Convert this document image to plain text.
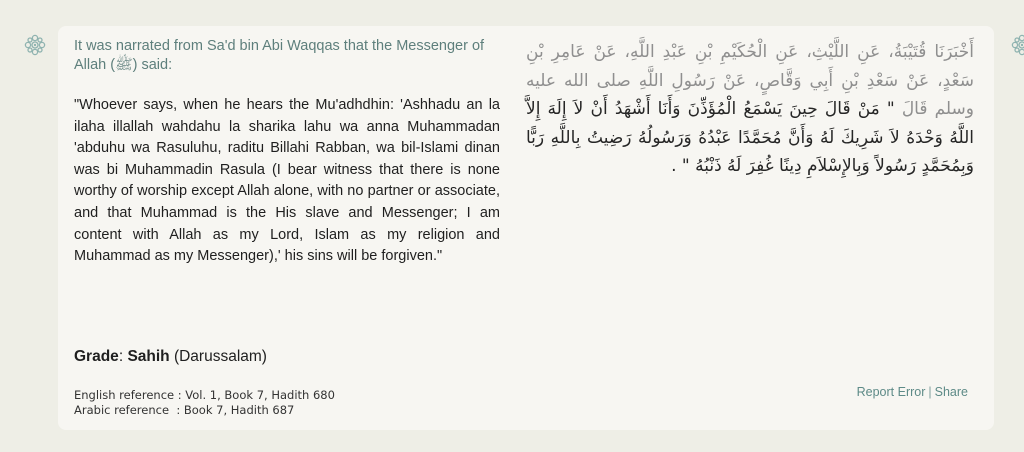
It was narrated from Sa'd bin Abi Waqqas that the Messenger of Allah (ﷺ) said:

"Whoever says, when he hears the Mu'adhdhin: 'Ashhadu an la ilaha illallah wahdahu la sharika lahu wa anna Muhammadan 'abduhu wa Rasuluhu, raditu Billahi Rabban, wa bil-Islami dinan was bi Muhammadin Rasula (I bear witness that there is none worthy of worship except Allah alone, with no partner or associate, and that Muhammad is the His slave and Messenger; I am content with Allah as my Lord, Islam as my religion and Muhammad as my Messenger),' his sins will be forgiven."

أَخْبَرَنَا قُتَيْبَةُ، عَنِ اللَّيْثِ، عَنِ الْحُكَيْمِ بْنِ عَبْدِ اللَّهِ، عَنْ عَامِرِ بْنِ سَعْدٍ، عَنْ سَعْدِ بْنِ أَبِي وَقَّاصٍ، عَنْ رَسُولِ اللَّهِ صلى الله عليه وسلم قَالَ " مَنْ قَالَ حِينَ يَسْمَعُ الْمُؤَذِّنَ وَأَنَا أَشْهَدُ أَنْ لاَ إِلَهَ إِلاَّ اللَّهُ وَحْدَهُ لاَ شَرِيكَ لَهُ وَأَنَّ مُحَمَّدًا عَبْدُهُ وَرَسُولُهُ رَضِيتُ بِاللَّهِ رَبًّا وَبِمُحَمَّدٍ رَسُولاً وَبِالإِسْلاَمِ دِينًا غُفِرَ لَهُ ذَنْبُهُ " .
Grade: Sahih (Darussalam)
English reference : Vol. 1, Book 7, Hadith 680
Arabic reference  : Book 7, Hadith 687
Report Error | Share
